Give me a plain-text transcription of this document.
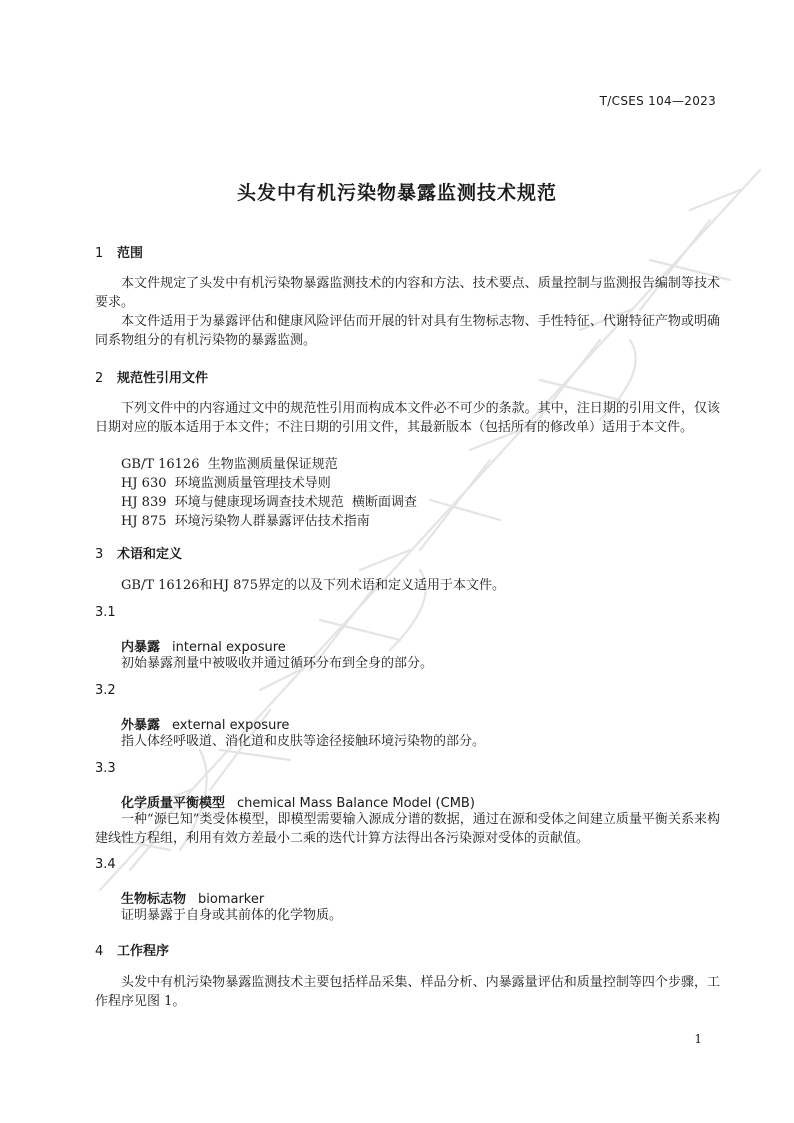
T/CSES 104—2023
头发中有机污染物暴露监测技术规范
1 范围
本文件规定了头发中有机污染物暴露监测技术的内容和方法、技术要点、质量控制与监测报告编制等技术要求。
本文件适用于为暴露评估和健康风险评估而开展的针对具有生物标志物、手性特征、代谢特征产物或明确同系物组分的有机污染物的暴露监测。
2 规范性引用文件
下列文件中的内容通过文中的规范性引用而构成本文件必不可少的条款。其中，注日期的引用文件，仅该日期对应的版本适用于本文件；不注日期的引用文件，其最新版本（包括所有的修改单）适用于本文件。
GB/T 16126  生物监测质量保证规范
HJ 630  环境监测质量管理技术导则
HJ 839  环境与健康现场调查技术规范  横断面调查
HJ 875  环境污染物人群暴露评估技术指南
3 术语和定义
GB/T 16126和HJ 875界定的以及下列术语和定义适用于本文件。
3.1
内暴露 internal exposure
初始暴露剂量中被吸收并通过循环分布到全身的部分。
3.2
外暴露 external exposure
指人体经呼吸道、消化道和皮肤等途径接触环境污染物的部分。
3.3
化学质量平衡模型 chemical Mass Balance Model (CMB)
一种“源已知”类受体模型，即模型需要输入源成分谱的数据，通过在源和受体之间建立质量平衡关系来构建线性方程组，利用有效方差最小二乘的迭代计算方法得出各污染源对受体的贡献值。
3.4
生物标志物 biomarker
证明暴露于自身或其前体的化学物质。
4 工作程序
头发中有机污染物暴露监测技术主要包括样品采集、样品分析、内暴露量评估和质量控制等四个步骤，工作程序见图 1。
1
